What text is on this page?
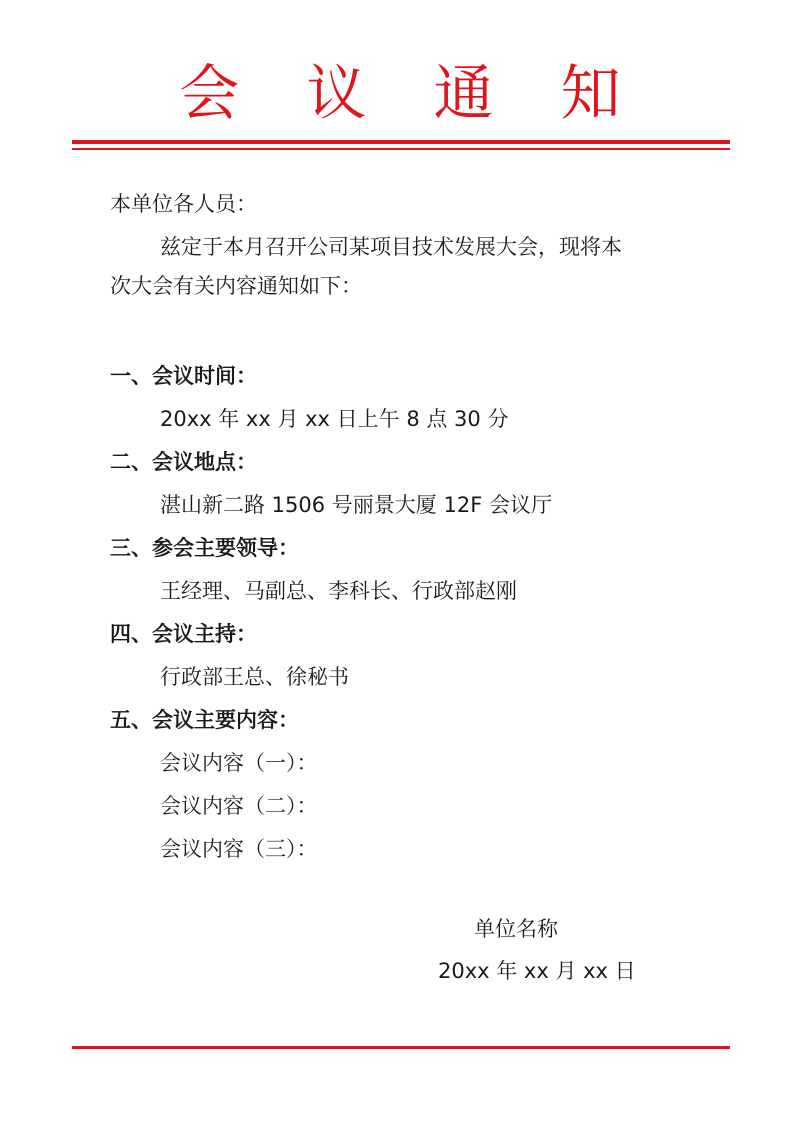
会 议 通 知
本单位各人员：
兹定于本月召开公司某项目技术发展大会，现将本
次大会有关内容通知如下：
一、会议时间：
20xx 年 xx 月 xx 日上午 8 点 30 分
二、会议地点：
湛山新二路 1506 号丽景大厦 12F 会议厅
三、参会主要领导：
王经理、马副总、李科长、行政部赵刚
四、会议主持：
行政部王总、徐秘书
五、会议主要内容：
会议内容（一）：
会议内容（二）：
会议内容（三）：
单位名称
20xx 年 xx 月 xx 日
